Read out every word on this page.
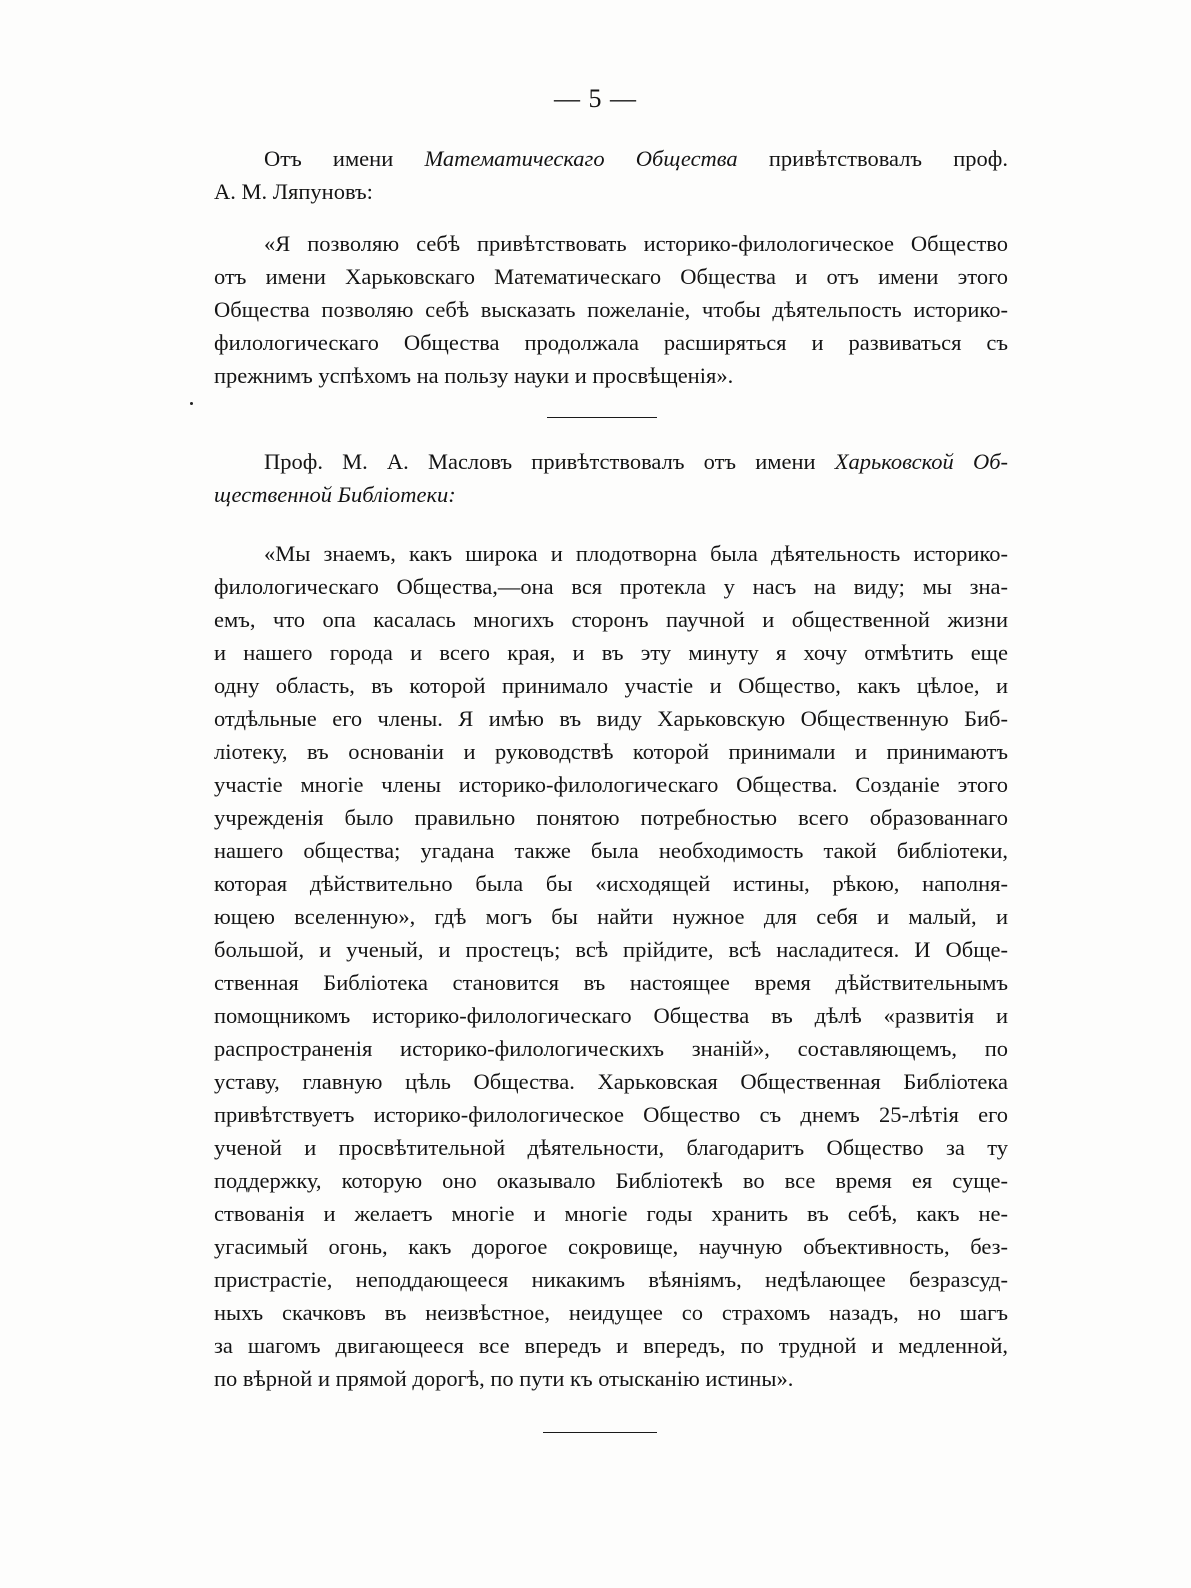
— 5 —
Отъ имени Математическаго Общества привѣтствовалъ проф.
А. М. Ляпуновъ:
«Я позволяю себѣ привѣтствовать историко-филологическое Общество
отъ имени Харьковскаго Математическаго Общества и отъ имени этого
Общества позволяю себѣ высказать пожеланіе, чтобы дѣятельпость историко-
филологическаго Общества продолжала расширяться и развиваться съ
прежнимъ успѣхомъ на пользу науки и просвѣщенія».
Проф. М. А. Масловъ привѣтствовалъ отъ имени Харьковской Об-
щественной Библіотеки:
«Мы знаемъ, какъ широка и плодотворна была дѣятельность историко-
филологическаго Общества,—она вся протекла у насъ на виду; мы зна-
емъ, что опа касалась многихъ сторонъ паучной и общественной жизни
и нашего города и всего края, и въ эту минуту я хочу отмѣтить еще
одну область, въ которой принимало участіе и Общество, какъ цѣлое, и
отдѣльные его члены. Я имѣю въ виду Харьковскую Общественную Биб-
ліотеку, въ основаніи и руководствѣ которой принимали и принимаютъ
участіе многіе члены историко-филологическаго Общества. Созданіе этого
учрежденія было правильно понятою потребностью всего образованнаго
нашего общества; угадана также была необходимость такой библіотеки,
которая дѣйствительно была бы «исходящей истины, рѣкою, наполня-
ющею вселенную», гдѣ могъ бы найти нужное для себя и малый, и
большой, и ученый, и простецъ; всѣ прійдите, всѣ насладитеся. И Обще-
ственная Библіотека становится въ настоящее время дѣйствительнымъ
помощникомъ историко-филологическаго Общества въ дѣлѣ «развитія и
распространенія историко-филологическихъ знаній», составляющемъ, по
уставу, главную цѣль Общества. Харьковская Общественная Библіотека
привѣтствуетъ историко-филологическое Общество съ днемъ 25-лѣтія его
ученой и просвѣтительной дѣятельности, благодаритъ Общество за ту
поддержку, которую оно оказывало Библіотекѣ во все время ея суще-
ствованія и желаетъ многіе и многіе годы хранить въ себѣ, какъ не-
угасимый огонь, какъ дорогое сокровище, научную объективность, без-
пристрастіе, неподдающееся никакимъ вѣяніямъ, недѣлающее безразсуд-
ныхъ скачковъ въ неизвѣстное, неидущее со страхомъ назадъ, но шагъ
за шагомъ двигающееся все впередъ и впередъ, по трудной и медленной,
по вѣрной и прямой дорогѣ, по пути къ отысканію истины».
